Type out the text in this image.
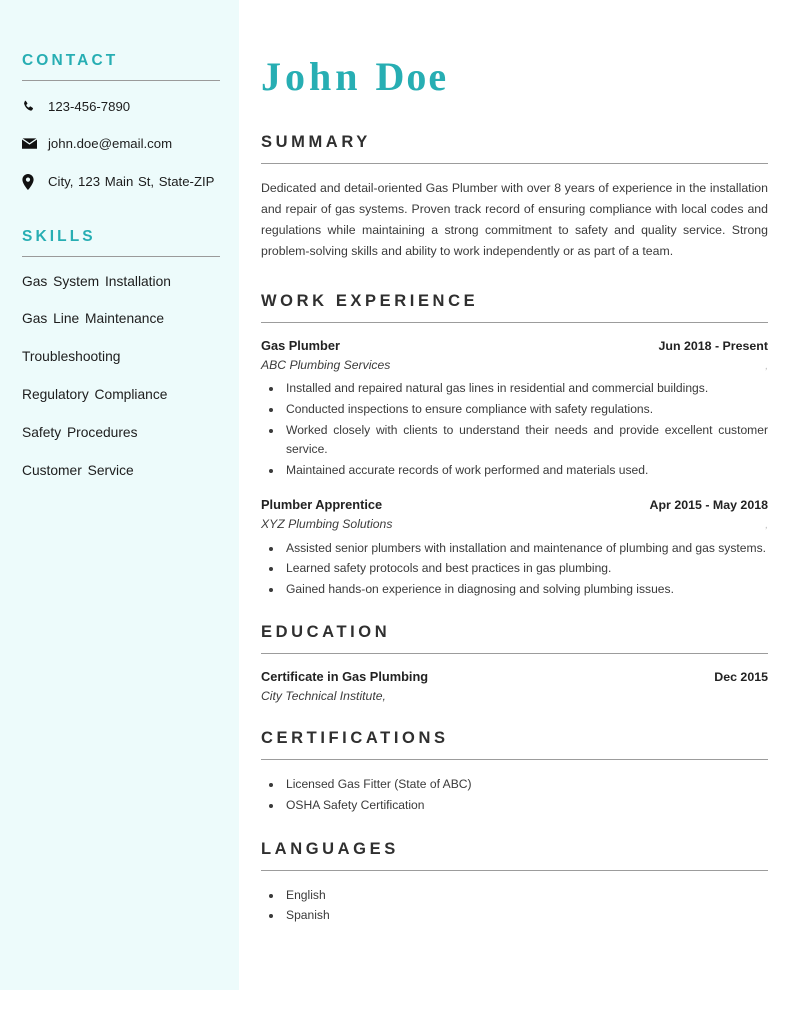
CONTACT
123-456-7890
john.doe@email.com
City, 123 Main St, State-ZIP
SKILLS
Gas System Installation
Gas Line Maintenance
Troubleshooting
Regulatory Compliance
Safety Procedures
Customer Service
John Doe
SUMMARY

Dedicated and detail-oriented Gas Plumber with over 8 years of experience in the installation and repair of gas systems. Proven track record of ensuring compliance with local codes and regulations while maintaining a strong commitment to safety and quality service. Strong problem-solving skills and ability to work independently or as part of a team.

WORK EXPERIENCE
Gas Plumber	Jun 2018 - Present
ABC Plumbing Services	,
• Installed and repaired natural gas lines in residential and commercial buildings.
• Conducted inspections to ensure compliance with safety regulations.
• Worked closely with clients to understand their needs and provide excellent customer service.
• Maintained accurate records of work performed and materials used.
Plumber Apprentice	Apr 2015 - May 2018
XYZ Plumbing Solutions	,
• Assisted senior plumbers with installation and maintenance of plumbing and gas systems.
• Learned safety protocols and best practices in gas plumbing.
• Gained hands-on experience in diagnosing and solving plumbing issues.
EDUCATION
Certificate in Gas Plumbing	Dec 2015
City Technical Institute,
CERTIFICATIONS
• Licensed Gas Fitter (State of ABC)
• OSHA Safety Certification
LANGUAGES
• English
• Spanish
